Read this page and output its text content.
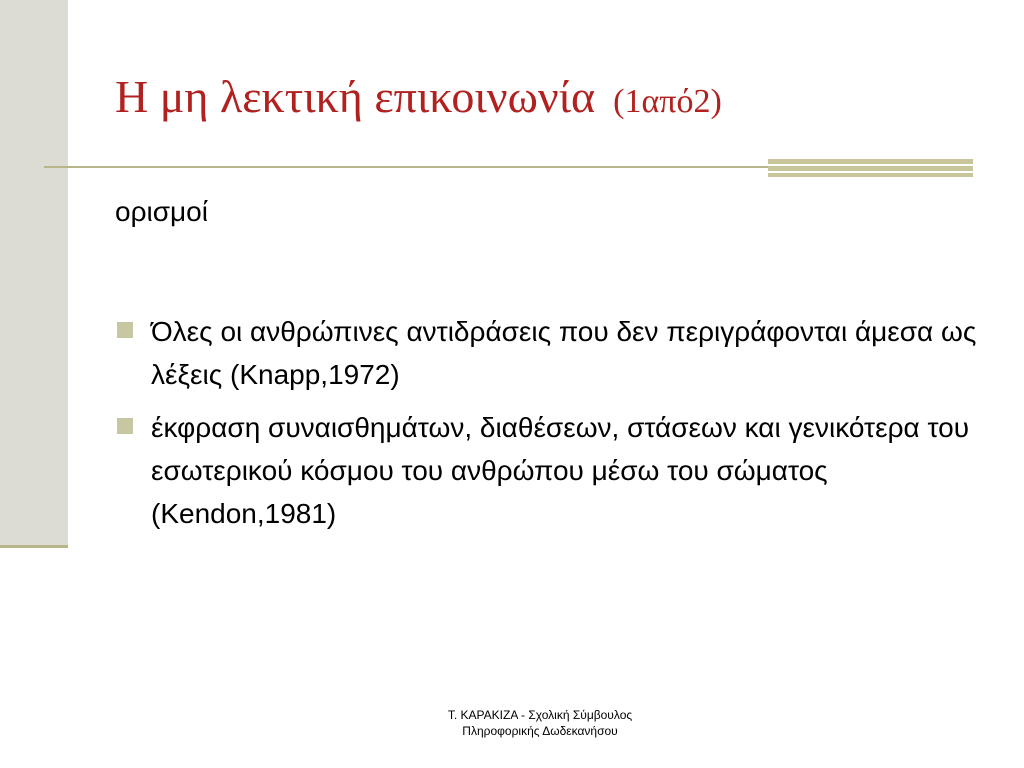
Η μη λεκτική επικοινωνία (1από2)
ορισμοί
Όλες οι ανθρώπινες αντιδράσεις που δεν περιγράφονται άμεσα ως λέξεις (Knapp,1972)
έκφραση συναισθημάτων, διαθέσεων, στάσεων και γενικότερα του εσωτερικού κόσμου του ανθρώπου μέσω του σώματος (Kendon,1981)
Τ. ΚΑΡΑΚΙΖΑ - Σχολική Σύμβουλος
Πληροφορικής Δωδεκανήσου
